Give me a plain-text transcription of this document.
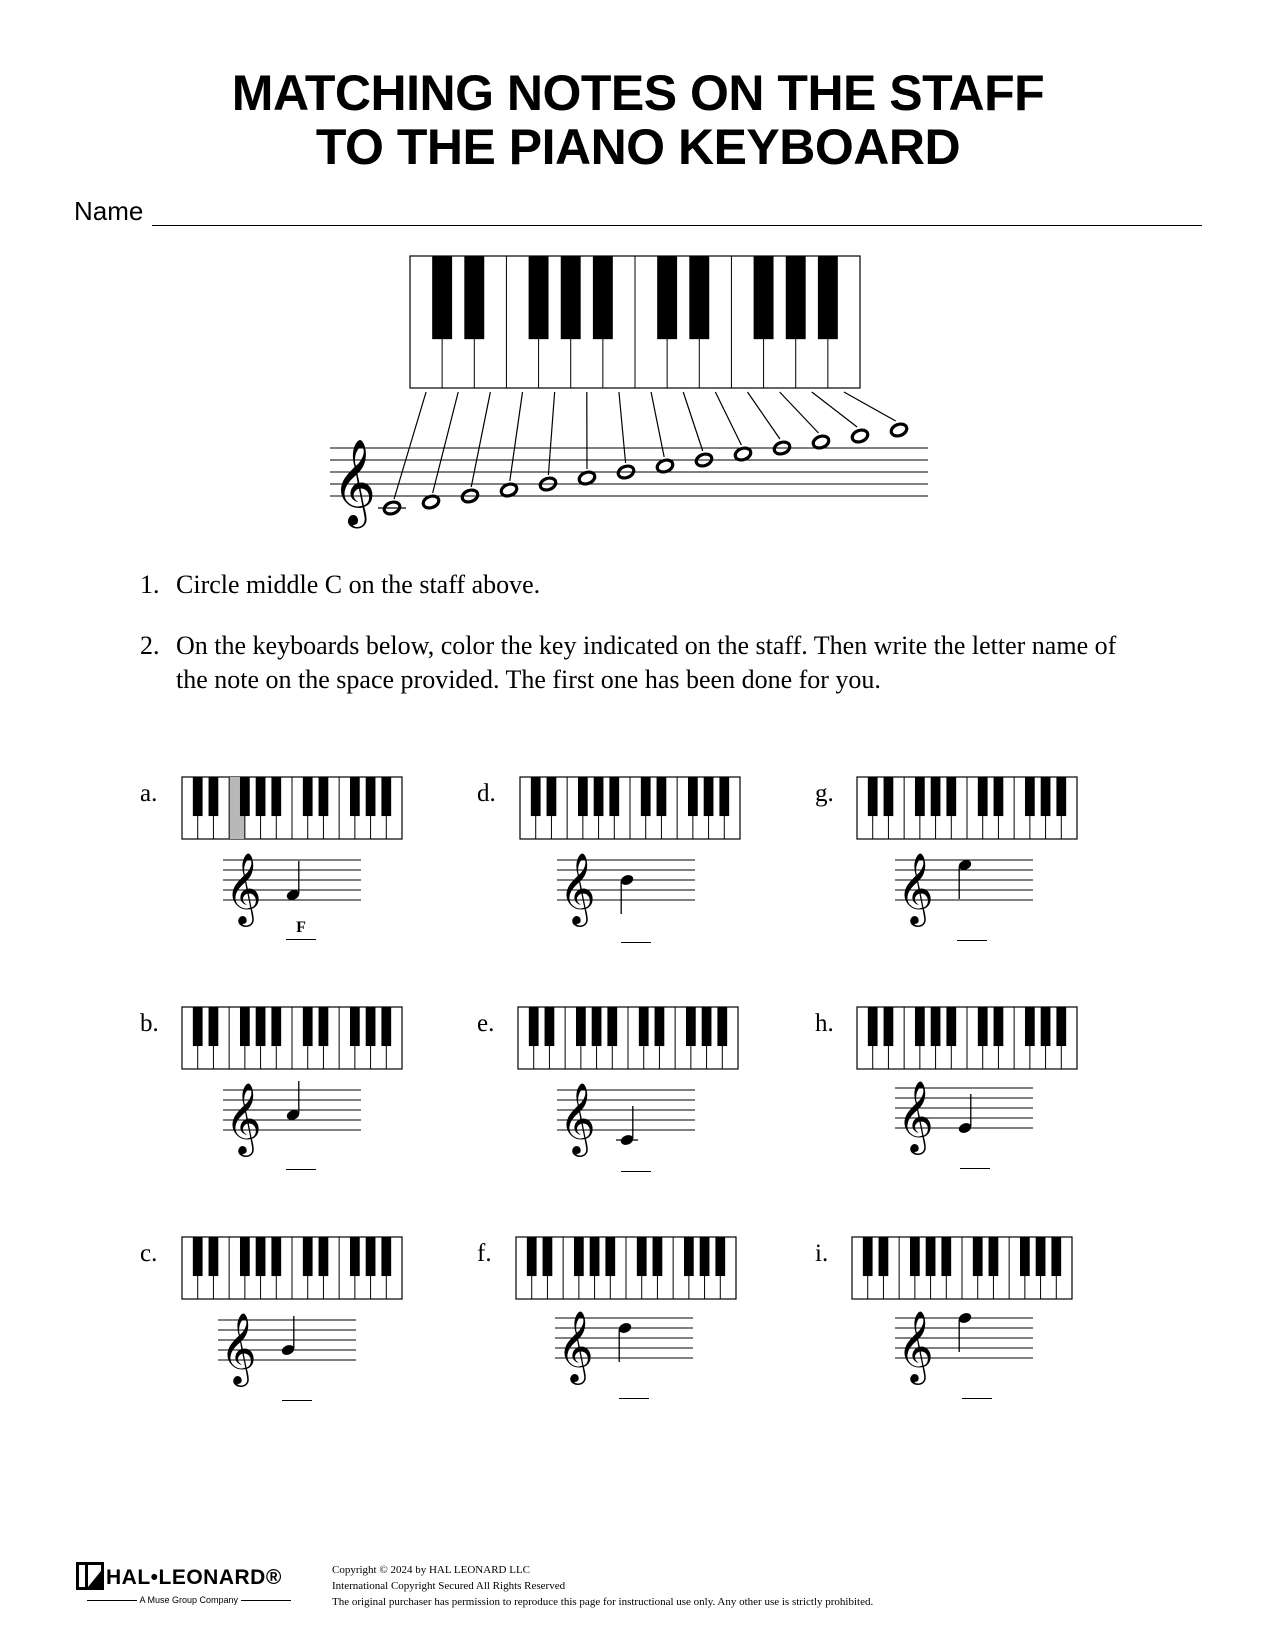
MATCHING NOTES ON THE STAFF
TO THE PIANO KEYBOARD
Name
𝄞
1. Circle middle C on the staff above.
2. On the keyboards below, color the key indicated on the staff. Then write the letter name of the note on the space provided. The first one has been done for you.
a.
𝄞
F
b.
𝄞
c.
𝄞
d.
𝄞
e.
𝄞
f.
𝄞
g.
𝄞
h.
𝄞
i.
𝄞
HAL•LEONARD®
A Muse Group Company
Copyright © 2024 by HAL LEONARD LLC
International Copyright Secured All Rights Reserved
The original purchaser has permission to reproduce this page for instructional use only. Any other use is strictly prohibited.
